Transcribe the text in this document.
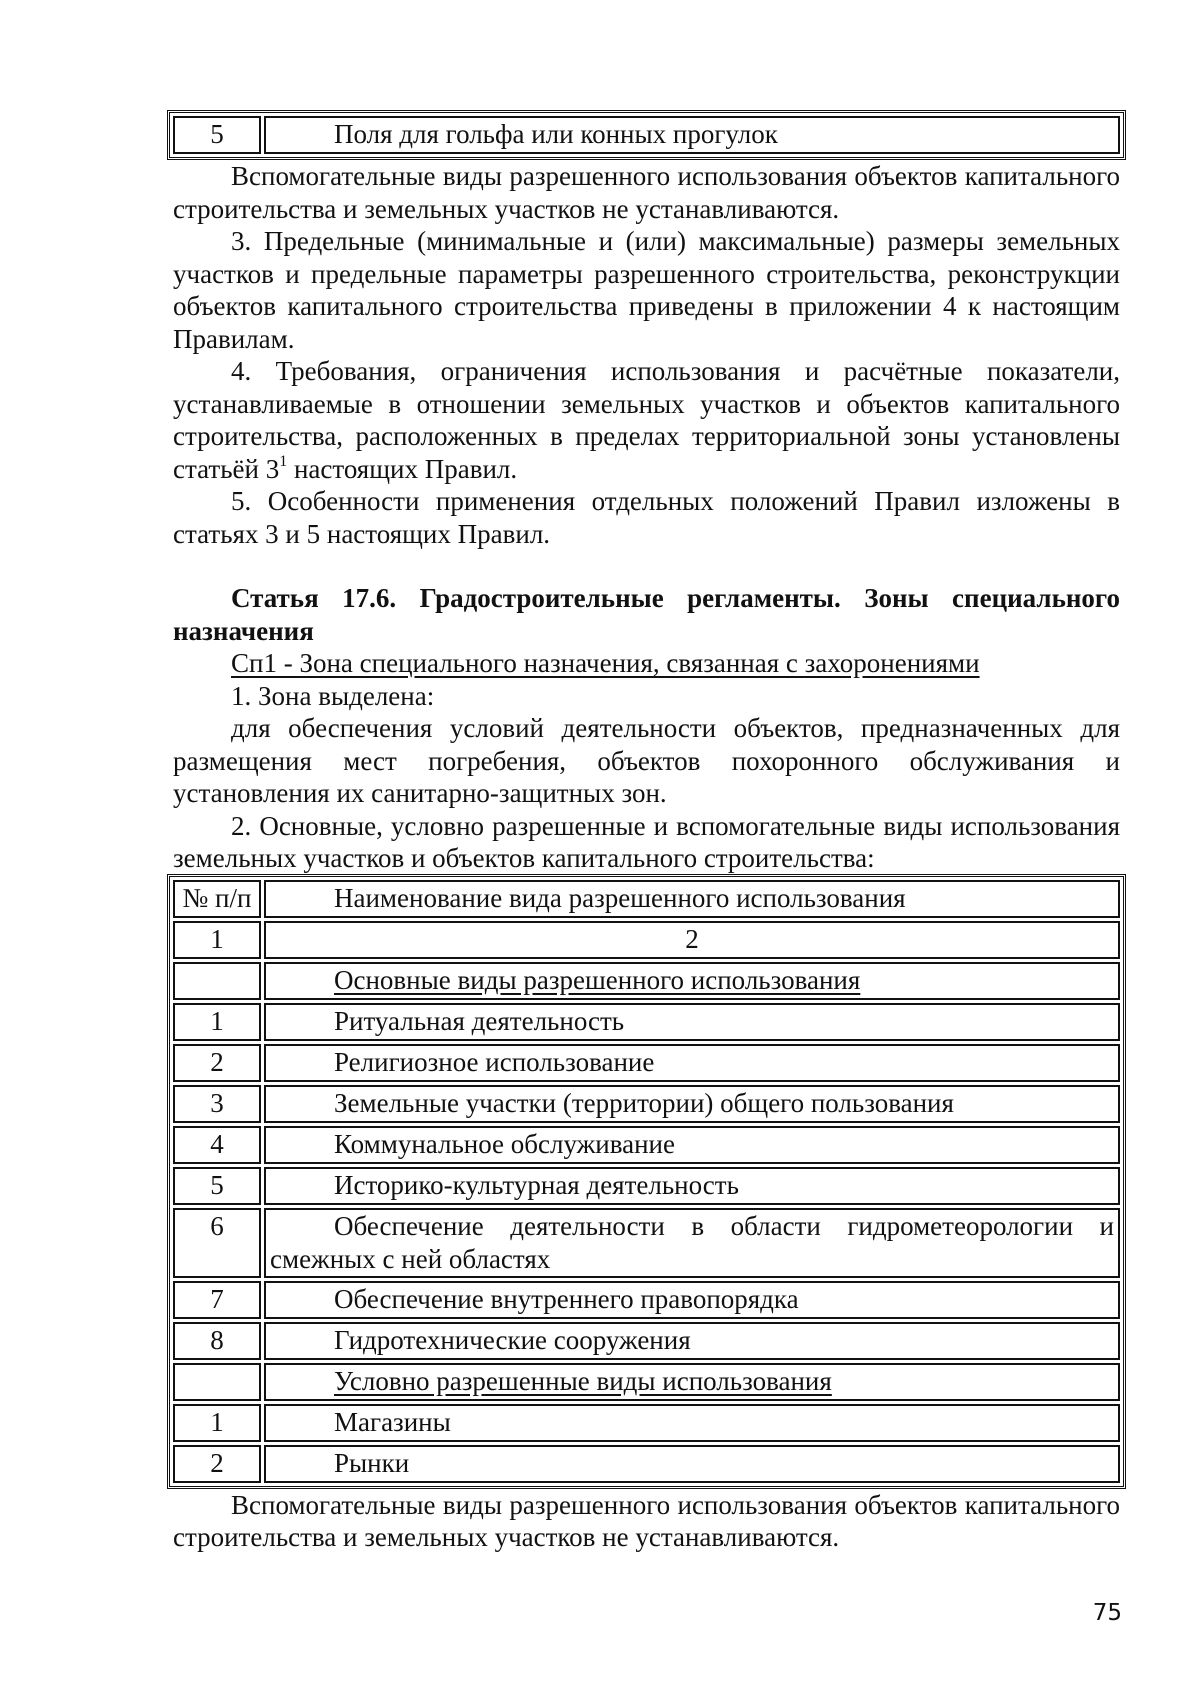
5	Поля для гольфа или конных прогулок

Вспомогательные виды разрешенного использования объектов капитального строительства и земельных участков не устанавливаются.

3. Предельные (минимальные и (или) максимальные) размеры земельных участков и предельные параметры разрешенного строительства, реконструкции объектов капитального строительства приведены в приложении 4 к настоящим Правилам.

4. Требования, ограничения использования и расчётные показатели, устанавливаемые в отношении земельных участков и объектов капитального строительства, расположенных в пределах территориальной зоны установлены статьёй $3^1$ настоящих Правил.

5. Особенности применения отдельных положений Правил изложены в статьях 3 и 5 настоящих Правил.

Статья 17.6. Градостроительные регламенты. Зоны специального назначения

Сп1 - Зона специального назначения, связанная с захоронениями

1. Зона выделена:

для обеспечения условий деятельности объектов, предназначенных для размещения мест погребения, объектов похоронного обслуживания и установления их санитарно-защитных зон.

2. Основные, условно разрешенные и вспомогательные виды использования земельных участков и объектов капитального строительства:

№ п/п	Наименование вида разрешенного использования
1	2
	Основные виды разрешенного использования
1	Ритуальная деятельность
2	Религиозное использование
3	Земельные участки (территории) общего пользования
4	Коммунальное обслуживание
5	Историко-культурная деятельность
6	Обеспечение деятельности в области гидрометеорологии и смежных с ней областях
7	Обеспечение внутреннего правопорядка
8	Гидротехнические сооружения
	Условно разрешенные виды использования
1	Магазины
2	Рынки

Вспомогательные виды разрешенного использования объектов капитального строительства и земельных участков не устанавливаются.

75
